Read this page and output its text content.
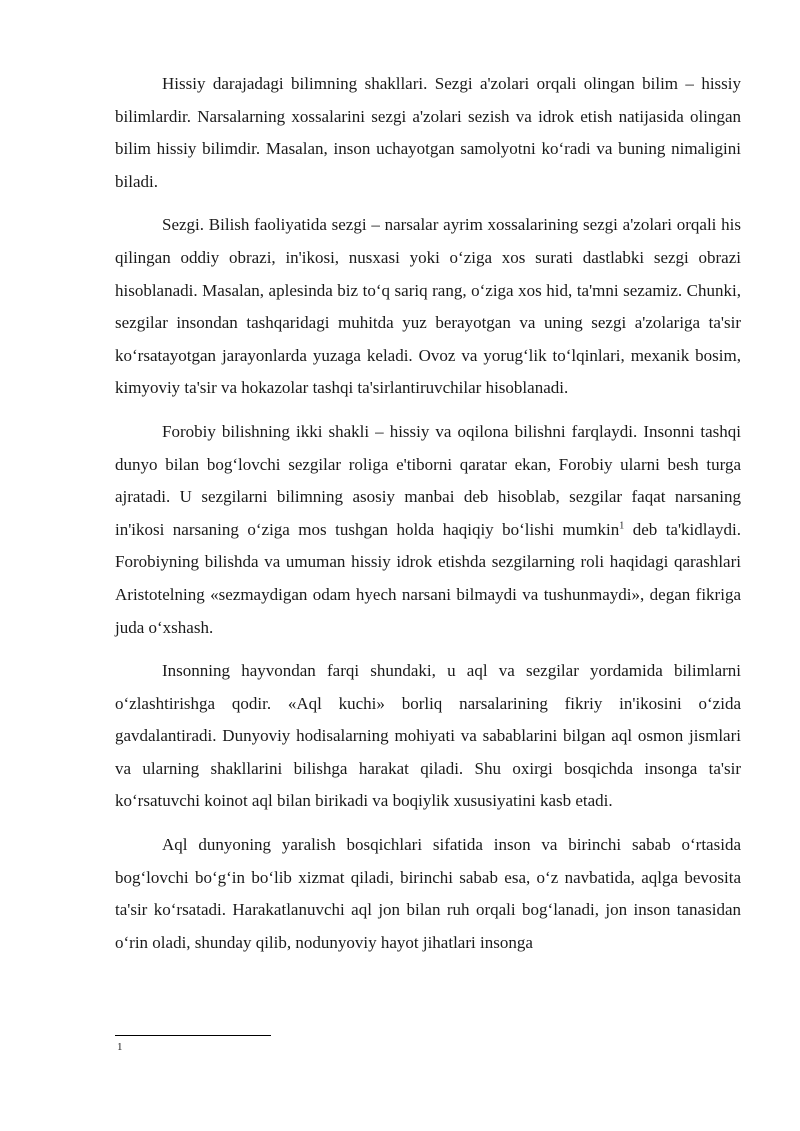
Hissiy darajadagi bilimning shakllari. Sezgi a'zolari orqali olingan bilim – hissiy bilimlardir. Narsalarning xossalarini sezgi a'zolari sezish va idrok etish natijasida olingan bilim hissiy bilimdir. Masalan, inson uchayotgan samolyotni koʻradi va buning nimaligini biladi.

Sezgi. Bilish faoliyatida sezgi – narsalar ayrim xossalarining sezgi a'zolari orqali his qilingan oddiy obrazi, in'ikosi, nusxasi yoki oʻziga xos surati dastlabki sezgi obrazi hisoblanadi. Masalan, aplesinda biz toʻq sariq rang, oʻziga xos hid, ta'mni sezamiz. Chunki, sezgilar insondan tashqaridagi muhitda yuz berayotgan va uning sezgi a'zolariga ta'sir koʻrsatayotgan jarayonlarda yuzaga keladi. Ovoz va yorugʻlik toʻlqinlari, mexanik bosim, kimyoviy ta'sir va hokazolar tashqi ta'sirlantiruvchilar hisoblanadi.

Forobiy bilishning ikki shakli – hissiy va oqilona bilishni farqlaydi. Insonni tashqi dunyo bilan bogʻlovchi sezgilar roliga e'tiborni qaratar ekan, Forobiy ularni besh turga ajratadi. U sezgilarni bilimning asosiy manbai deb hisoblab, sezgilar faqat narsaning in'ikosi narsaning oʻziga mos tushgan holda haqiqiy boʻlishi mumkin$^1$ deb ta'kidlaydi. Forobiyning bilishda va umuman hissiy idrok etishda sezgilarning roli haqidagi qarashlari Aristotelning «sezmaydigan odam hyech narsani bilmaydi va tushunmaydi», degan fikriga juda oʻxshash.

Insonning hayvondan farqi shundaki, u aql va sezgilar yordamida bilimlarni oʻzlashtirishga qodir. «Aql kuchi» borliq narsalarining fikriy in'ikosini oʻzida gavdalantiradi. Dunyoviy hodisalarning mohiyati va sabablarini bilgan aql osmon jismlari va ularning shakllarini bilishga harakat qiladi. Shu oxirgi bosqichda insonga ta'sir koʻrsatuvchi koinot aql bilan birikadi va boqiylik xususiyatini kasb etadi.

Aql dunyoning yaralish bosqichlari sifatida inson va birinchi sabab oʻrtasida bogʻlovchi boʻgʻin boʻlib xizmat qiladi, birinchi sabab esa, oʻz navbatida, aqlga bevosita ta'sir koʻrsatadi. Harakatlanuvchi aql jon bilan ruh orqali bogʻlanadi, jon inson tanasidan oʻrin oladi, shunday qilib, nodunyoviy hayot jihatlari insonga

1
